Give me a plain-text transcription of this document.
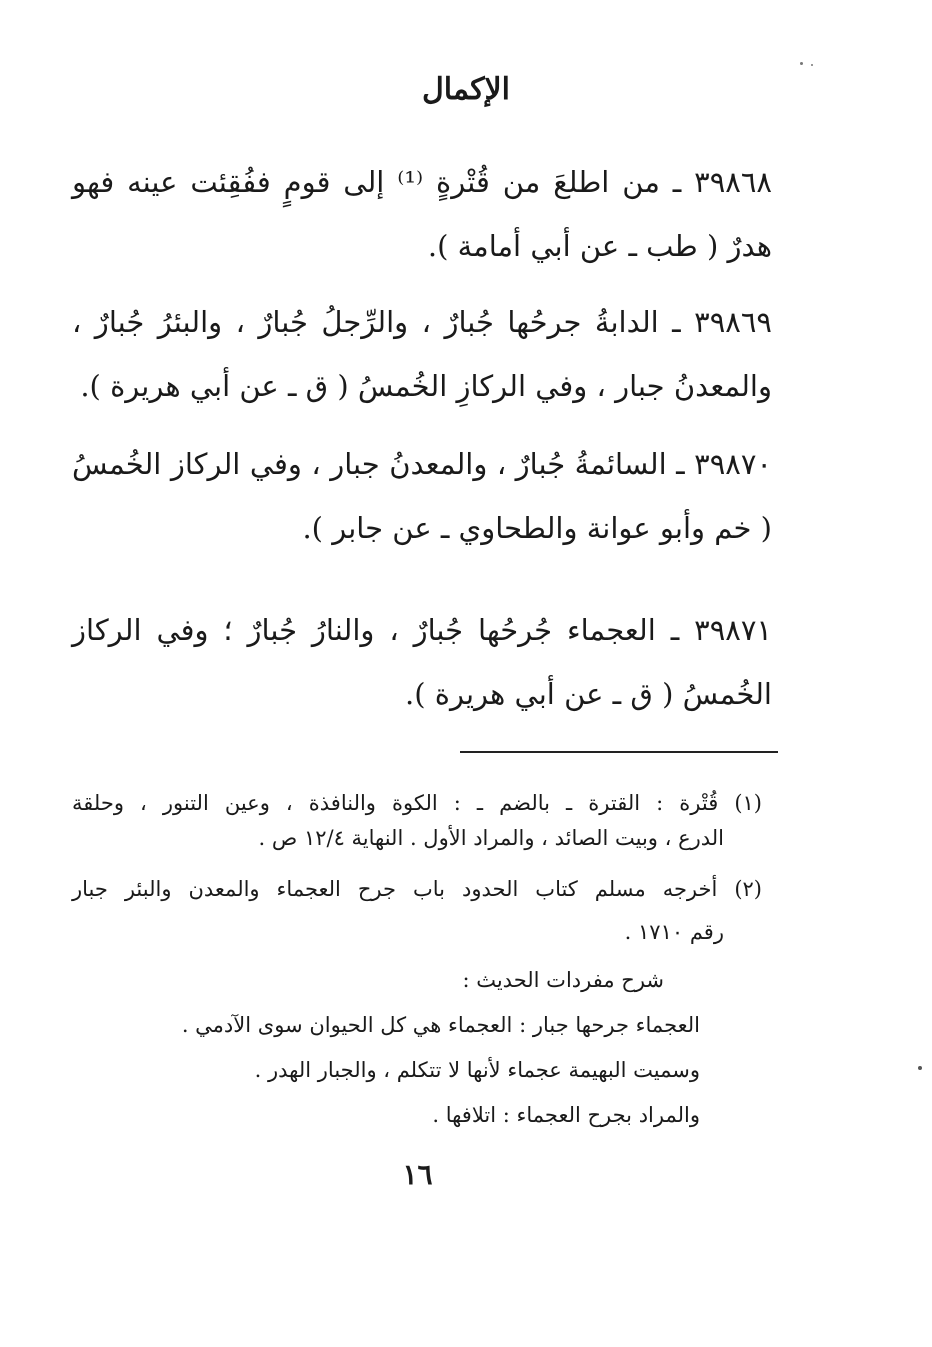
الإكمال
٣٩٨٦٨ ـ من اطلعَ من قُتْرةٍ ⁽¹⁾ إلى قومٍ ففُقِئت عينه فهو هدرٌ ( طب ـ عن أبي أمامة ).
٣٩٨٦٩ ـ الدابةُ جرحُها جُبارٌ ، والرِّجلُ جُبارٌ ، والبئرُ جُبارٌ ، والمعدنُ جبار ، وفي الركازِ الخُمسُ ( ق ـ عن أبي هريرة ).
٣٩٨٧٠ ـ السائمةُ جُبارٌ ، والمعدنُ جبار ، وفي الركاز الخُمسُ ( خم وأبو عوانة والطحاوي ـ عن جابر ).
٣٩٨٧١ ـ العجماء جُرحُها جُبارٌ ، والنارُ جُبارٌ ؛ وفي الركاز الخُمسُ ( ق ـ عن أبي هريرة ).
(١) قُتْرة : القترة ـ بالضم ـ : الكوة والنافذة ، وعين التنور ، وحلقة
الدرع ، وبيت الصائد ، والمراد الأول . النهاية ١٢/٤ ص .
(٢) أخرجه مسلم كتاب الحدود باب جرح العجماء والمعدن والبئر جبار
رقم ١٧١٠ .
شرح مفردات الحديث :
العجماء جرحها جبار : العجماء هي كل الحيوان سوى الآدمي .
وسميت البهيمة عجماء لأنها لا تتكلم ، والجبار الهدر .
والمراد بجرح العجماء : اتلافها .
١٦
